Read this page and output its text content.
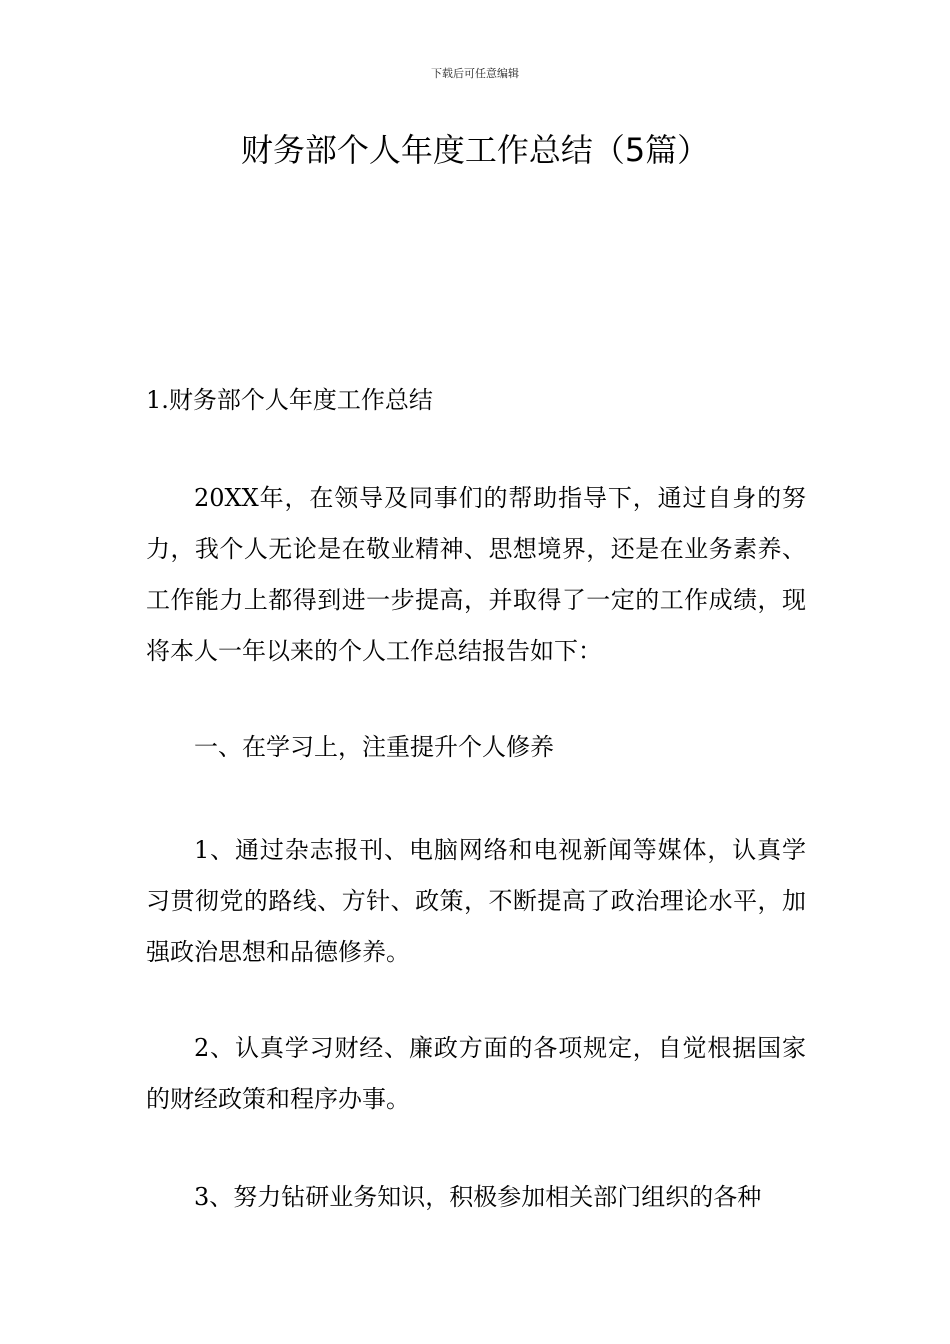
下载后可任意编辑
财务部个人年度工作总结（5篇）

1.财务部个人年度工作总结

20XX年，在领导及同事们的帮助指导下，通过自身的努力，我个人无论是在敬业精神、思想境界，还是在业务素养、工作能力上都得到进一步提高，并取得了一定的工作成绩，现将本人一年以来的个人工作总结报告如下：

一、在学习上，注重提升个人修养

1、通过杂志报刊、电脑网络和电视新闻等媒体，认真学习贯彻党的路线、方针、政策，不断提高了政治理论水平，加强政治思想和品德修养。

2、认真学习财经、廉政方面的各项规定，自觉根据国家的财经政策和程序办事。

3、努力钻研业务知识，积极参加相关部门组织的各种
